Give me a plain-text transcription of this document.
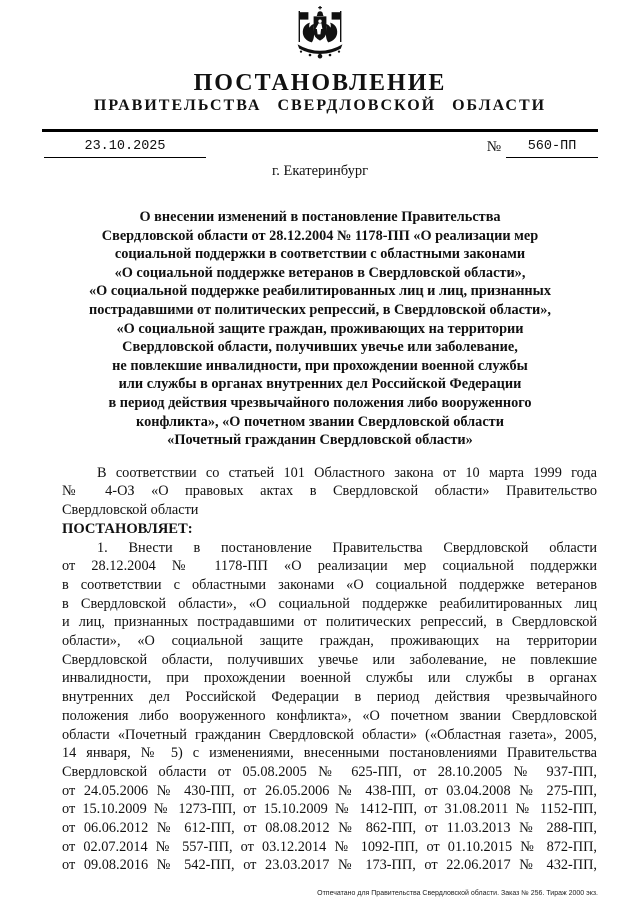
ПОСТАНОВЛЕНИЕ
ПРАВИТЕЛЬСТВА СВЕРДЛОВСКОЙ ОБЛАСТИ
23.10.2025	№	560-ПП
г. Екатеринбург
О внесении изменений в постановление Правительства
Свердловской области от 28.12.2004 № 1178-ПП «О реализации мер
социальной поддержки в соответствии с областными законами
«О социальной поддержке ветеранов в Свердловской области»,
«О социальной поддержке реабилитированных лиц и лиц, признанных
пострадавшими от политических репрессий, в Свердловской области»,
«О социальной защите граждан, проживающих на территории
Свердловской области, получивших увечье или заболевание,
не повлекшие инвалидности, при прохождении военной службы
или службы в органах внутренних дел Российской Федерации
в период действия чрезвычайного положения либо вооруженного
конфликта», «О почетном звании Свердловской области
«Почетный гражданин Свердловской области»
В соответствии со статьей 101 Областного закона от 10 марта 1999 года
№ 4-ОЗ «О правовых актах в Свердловской области» Правительство
Свердловской области
ПОСТАНОВЛЯЕТ:
1. Внести в постановление Правительства Свердловской области
от 28.12.2004 № 1178-ПП «О реализации мер социальной поддержки
в соответствии с областными законами «О социальной поддержке ветеранов
в Свердловской области», «О социальной поддержке реабилитированных лиц
и лиц, признанных пострадавшими от политических репрессий, в Свердловской
области», «О социальной защите граждан, проживающих на территории
Свердловской области, получивших увечье или заболевание, не повлекшие
инвалидности, при прохождении военной службы или службы в органах
внутренних дел Российской Федерации в период действия чрезвычайного
положения либо вооруженного конфликта», «О почетном звании Свердловской
области «Почетный гражданин Свердловской области» («Областная газета», 2005,
14 января, № 5) с изменениями, внесенными постановлениями Правительства
Свердловской области от 05.08.2005 № 625-ПП, от 28.10.2005 № 937-ПП,
от 24.05.2006 № 430-ПП, от 26.05.2006 № 438-ПП, от 03.04.2008 № 275-ПП,
от 15.10.2009 № 1273-ПП, от 15.10.2009 № 1412-ПП, от 31.08.2011 № 1152-ПП,
от 06.06.2012 № 612-ПП, от 08.08.2012 № 862-ПП, от 11.03.2013 № 288-ПП,
от 02.07.2014 № 557-ПП, от 03.12.2014 № 1092-ПП, от 01.10.2015 № 872-ПП,
от 09.08.2016 № 542-ПП, от 23.03.2017 № 173-ПП, от 22.06.2017 № 432-ПП,
Отпечатано для Правительства Свердловской области. Заказ № 256. Тираж 2000 экз.
